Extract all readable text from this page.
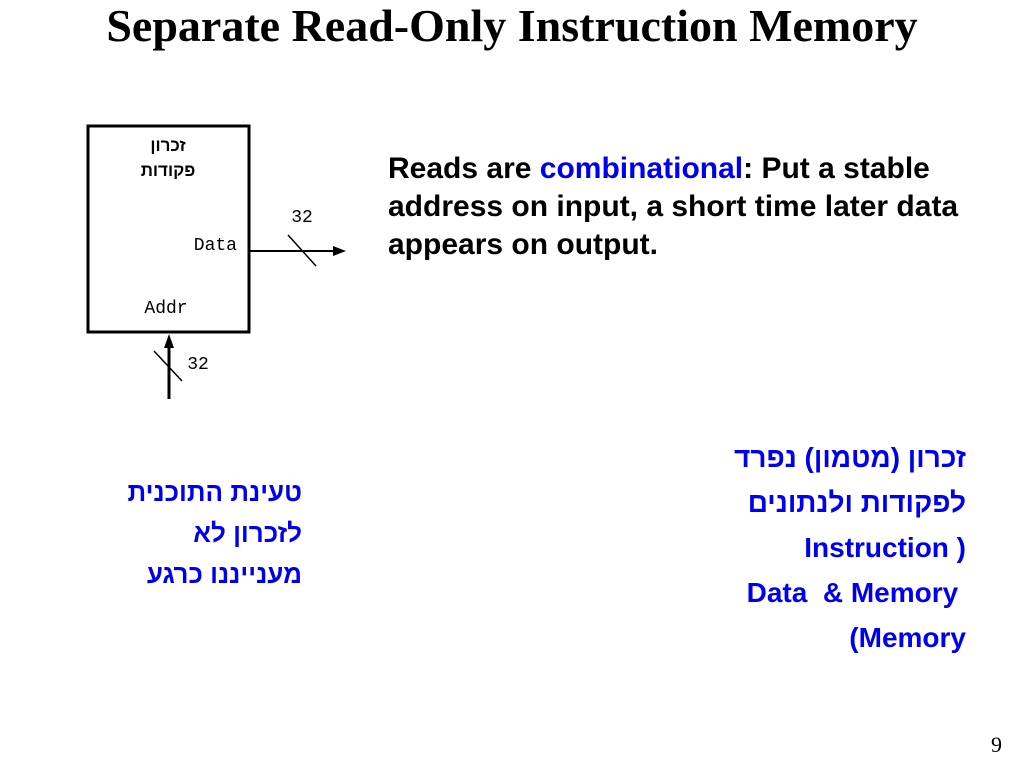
Separate Read-Only Instruction Memory
זכרון
פקודות
Data
Addr
32
32
Reads are combinational: Put a stable address on input, a short time later data appears on output.
טעינת התוכנית
לזכרון לא
מענייננו כרגע
זכרון (מטמון) נפרד
לפקודות ולנתונים
Instruction )
Data  & Memory
(Memory
9
